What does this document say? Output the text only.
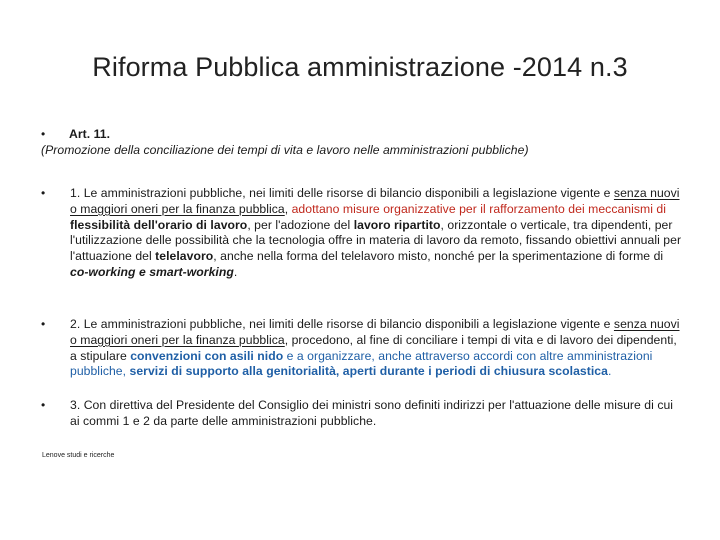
Riforma Pubblica amministrazione -2014 n.3
•	Art. 11.
(Promozione della conciliazione dei tempi di vita e lavoro nelle amministrazioni pubbliche)
• 1. Le amministrazioni pubbliche, nei limiti delle risorse di bilancio disponibili a legislazione vigente e senza nuovi o maggiori oneri per la finanza pubblica, adottano misure organizzative per il rafforzamento dei meccanismi di flessibilità dell'orario di lavoro, per l'adozione del lavoro ripartito, orizzontale o verticale, tra dipendenti, per l'utilizzazione delle possibilità che la tecnologia offre in materia di lavoro da remoto, fissando obiettivi annuali per l'attuazione del telelavoro, anche nella forma del telelavoro misto, nonché per la sperimentazione di forme di co-working e smart-working.
• 2. Le amministrazioni pubbliche, nei limiti delle risorse di bilancio disponibili a legislazione vigente e senza nuovi o maggiori oneri per la finanza pubblica, procedono, al fine di conciliare i tempi di vita e di lavoro dei dipendenti, a stipulare convenzioni con asili nido e a organizzare, anche attraverso accordi con altre amministrazioni pubbliche, servizi di supporto alla genitorialità, aperti durante i periodi di chiusura scolastica.
• 3. Con direttiva del Presidente del Consiglio dei ministri sono definiti indirizzi per l'attuazione delle misure di cui ai commi 1 e 2 da parte delle amministrazioni pubbliche.
Lenove studi e ricerche
